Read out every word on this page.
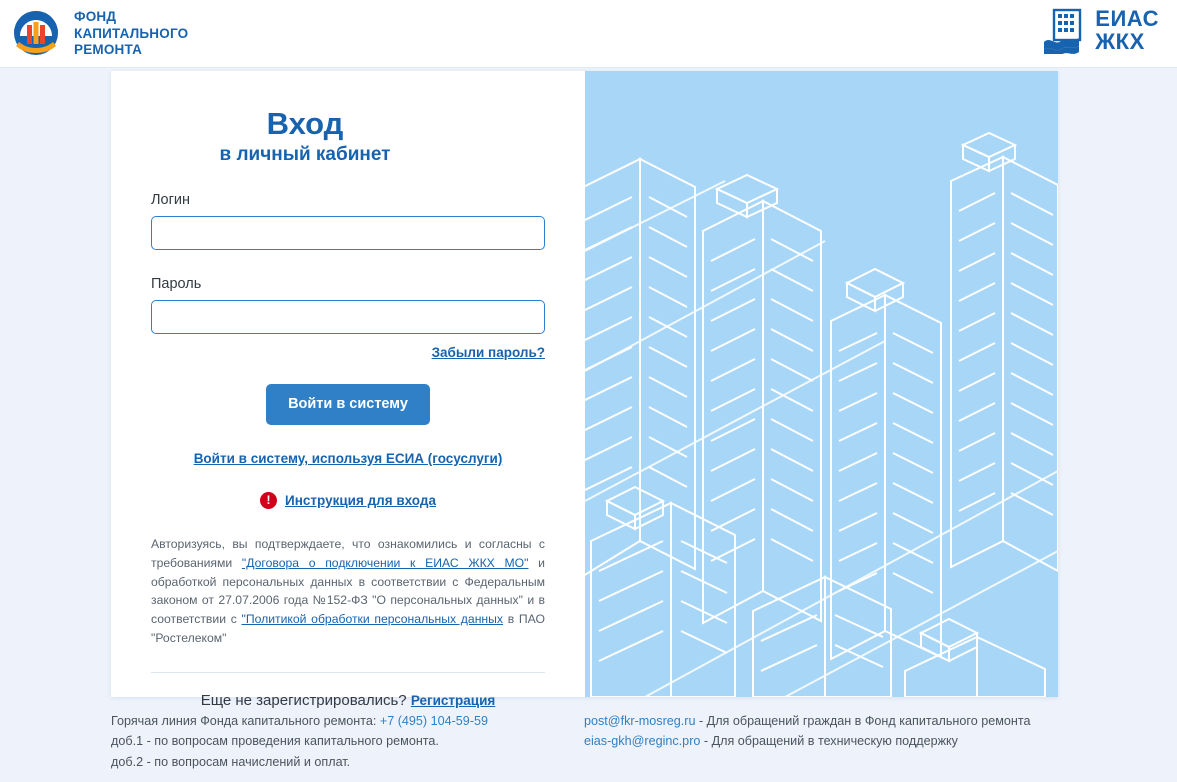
ФОНД
КАПИТАЛЬНОГО
РЕМОНТА
ЕИАС
ЖКХ
Вход
в личный кабинет
Логин
Пароль
Забыли пароль?
Войти в систему
Войти в систему, используя ЕСИА (госуслуги)
!	Инструкция для входа
Авторизуясь, вы подтверждаете, что ознакомились и согласны с требованиями "Договора о подключении к ЕИАС ЖКХ МО" и обработкой персональных данных в соответствии с Федеральным законом от 27.07.2006 года №152-ФЗ "О персональных данных" и в соответствии с "Политикой обработки персональных данных в ПАО "Ростелеком"
Еще не зарегистрировались? Регистрация
Горячая линия Фонда капитального ремонта: +7 (495) 104-59-59
доб.1 - по вопросам проведения капитального ремонта.
доб.2 - по вопросам начислений и оплат.
post@fkr-mosreg.ru - Для обращений граждан в Фонд капитального ремонта
eias-gkh@reginc.pro - Для обращений в техническую поддержку
